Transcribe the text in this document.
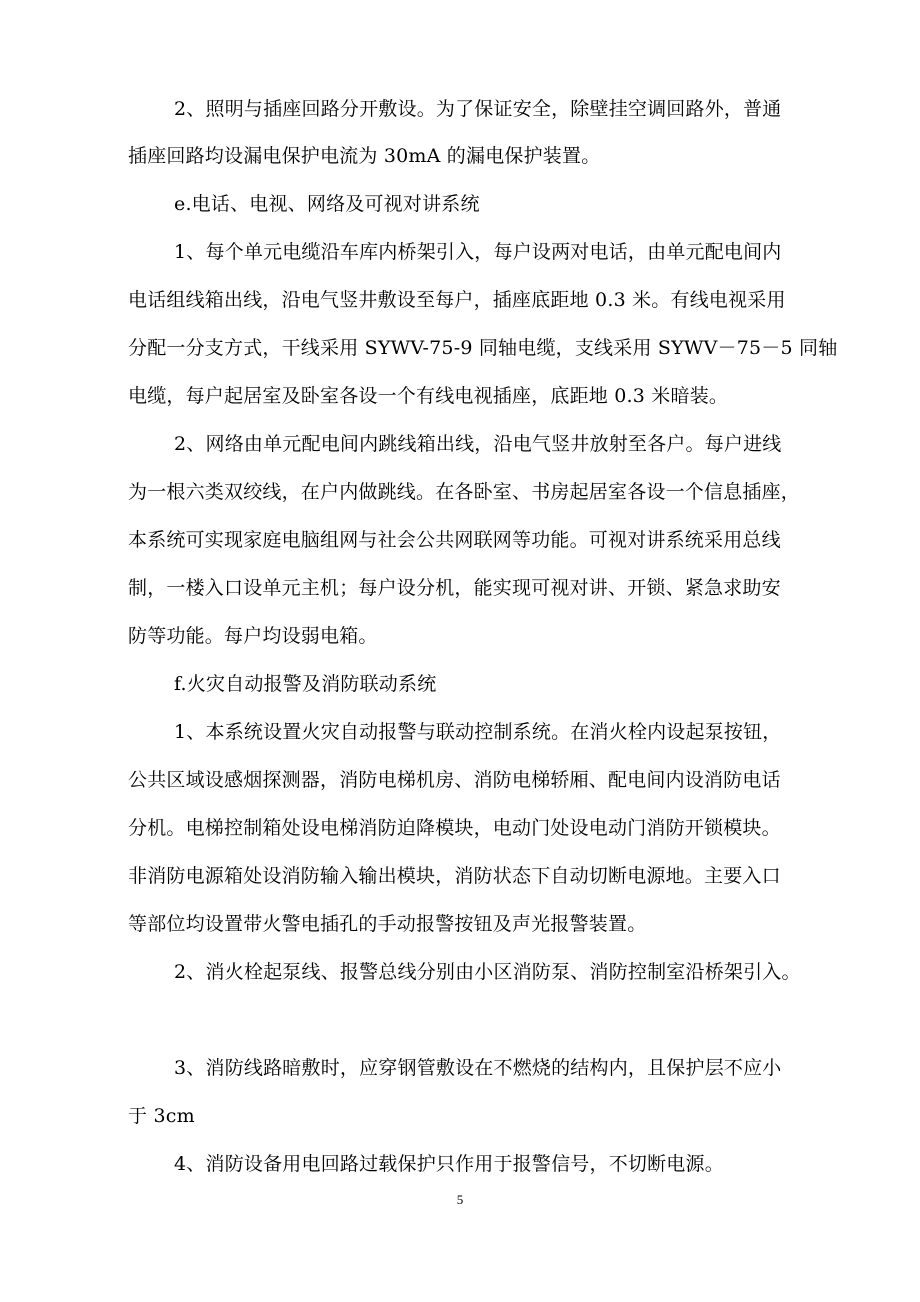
2、照明与插座回路分开敷设。为了保证安全，除壁挂空调回路外，普通
插座回路均设漏电保护电流为 30mA 的漏电保护装置。
e.电话、电视、网络及可视对讲系统
1、每个单元电缆沿车库内桥架引入，每户设两对电话，由单元配电间内
电话组线箱出线，沿电气竖井敷设至每户，插座底距地 0.3 米。有线电视采用
分配一分支方式，干线采用 SYWV-75-9 同轴电缆，支线采用 SYWV－75－5 同轴
电缆，每户起居室及卧室各设一个有线电视插座，底距地 0.3 米暗装。
2、网络由单元配电间内跳线箱出线，沿电气竖井放射至各户。每户进线
为一根六类双绞线，在户内做跳线。在各卧室、书房起居室各设一个信息插座，
本系统可实现家庭电脑组网与社会公共网联网等功能。可视对讲系统采用总线
制，一楼入口设单元主机；每户设分机，能实现可视对讲、开锁、紧急求助安
防等功能。每户均设弱电箱。
f.火灾自动报警及消防联动系统
1、本系统设置火灾自动报警与联动控制系统。在消火栓内设起泵按钮，
公共区域设感烟探测器，消防电梯机房、消防电梯轿厢、配电间内设消防电话
分机。电梯控制箱处设电梯消防迫降模块，电动门处设电动门消防开锁模块。
非消防电源箱处设消防输入输出模块，消防状态下自动切断电源地。主要入口
等部位均设置带火警电插孔的手动报警按钮及声光报警装置。
2、消火栓起泵线、报警总线分别由小区消防泵、消防控制室沿桥架引入。
3、消防线路暗敷时，应穿钢管敷设在不燃烧的结构内，且保护层不应小
于 3cm
4、消防设备用电回路过载保护只作用于报警信号，不切断电源。
5
